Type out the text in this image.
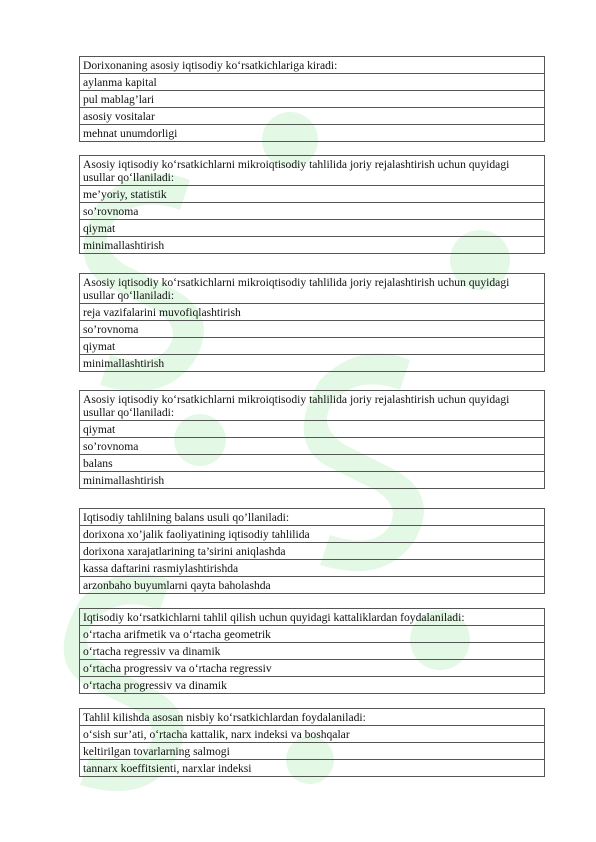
Dorixonaning asosiy iqtisodiy ko‘rsatkichlariga kiradi:
aylanma kapital
pul mablag’lari
asosiy vositalar
mehnat unumdorligi
Asosiy iqtisodiy ko‘rsatkichlarni mikroiqtisodiy tahlilida joriy rejalashtirish uchun quyidagi usullar qo‘llaniladi:
me’yoriy, statistik
so’rovnoma
qiymat
minimallashtirish
Asosiy iqtisodiy ko‘rsatkichlarni mikroiqtisodiy tahlilida joriy rejalashtirish uchun quyidagi usullar qo‘llaniladi:
reja vazifalarini muvofiqlashtirish
so’rovnoma
qiymat
minimallashtirish
Asosiy iqtisodiy ko‘rsatkichlarni mikroiqtisodiy tahlilida joriy rejalashtirish uchun quyidagi usullar qo‘llaniladi:
qiymat
so’rovnoma
balans
minimallashtirish
Iqtisodiy tahlilning balans usuli qo’llaniladi:
dorixona xo’jalik faoliyatining iqtisodiy tahlilida
dorixona xarajatlarining ta’sirini aniqlashda
kassa daftarini rasmiylashtirishda
arzonbaho buyumlarni qayta baholashda
Iqtisodiy ko‘rsatkichlarni tahlil qilish uchun quyidagi kattaliklardan foydalaniladi:
o‘rtacha arifmetik va o‘rtacha geometrik
o‘rtacha regressiv va dinamik
o‘rtacha progressiv va o‘rtacha regressiv
o‘rtacha progressiv va dinamik
Tahlil kilishda asosan nisbiy ko‘rsatkichlardan foydalaniladi:
o‘sish sur’ati, o‘rtacha kattalik, narx indeksi va boshqalar
keltirilgan tovarlarning salmogi
tannarx koeffitsienti, narxlar indeksi
